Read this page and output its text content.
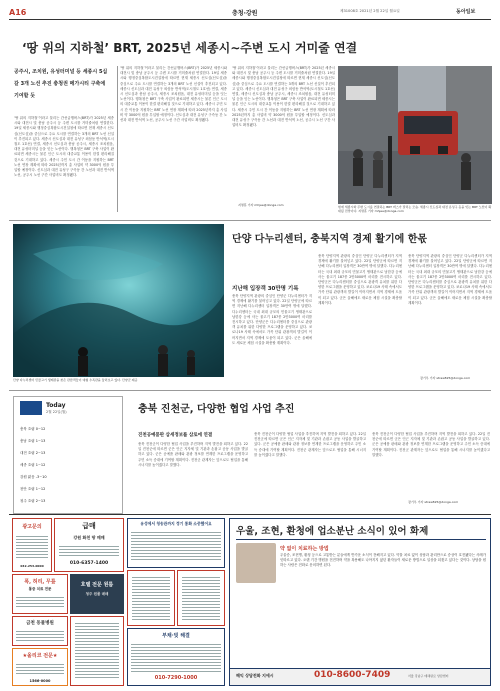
A16	충청·강원	제31008호 2021년 2월 22일 월요일	동아일보
‘땅 위의 지하철’ BRT, 2025년 세종시∼주변 도시 거미줄 연결
공주시, 조치원, 유성터미널 등 세종시 5십갈 3개 노선 추진 충청권 메가시티 구축에 기여할 듯
‘땅 위의 지하철’이라고 불리는 간선급행버스(BRT)가 2025년 세종시와 대전시 및 충남 공주시 등 주변 도시를 거미줄처럼 연결한다. 19일 세종시와 행정중심복합도시건설청에 따르면 현재 세종시 신도심(신도심)을 중심으로 주요 도시를 연결하는 3개의 BRT 노선 신설이 추진되고 있다. 세종시 신도심과 대전 유성구 외삼동 반석역(도시철도 1호선) 연결, 세종시 신도심과 충남 공주시, 세종시 조치원읍, 대전 유성터미널 등을 잇는 노선이다. 행복청은 BRT 구축 사업이 완료되면 세종시는 물론 인근 도시의 대중교통 이용이 한결 편리해질 것으로 기대하고 있다. 세종시 주민 도시 간 이동을 지원하는 BRT 노선 연장 계획에 따라 2025년까지 총 사업비 약 3000억 원을 투입할 예정이다. 신도심과 대전 유성구 구즉동 간 노선과 대전 반석역 노선, 공주시 노선 구간 사업비도 확정됐다.
‘땅 위의 지하철’이라고 불리는 간선급행버스(BRT)가 2025년 세종시와 대전시 및 충남 공주시 등 주변 도시를 거미줄처럼 연결한다. 19일 세종시와 행정중심복합도시건설청에 따르면 현재 세종시 신도심(신도심)을 중심으로 주요 도시를 연결하는 3개의 BRT 노선 신설이 추진되고 있다. 세종시 신도심과 대전 유성구 외삼동 반석역(도시철도 1호선) 연결, 세종시 신도심과 충남 공주시, 세종시 조치원읍, 대전 유성터미널 등을 잇는 노선이다. 행복청은 BRT 구축 사업이 완료되면 세종시는 물론 인근 도시의 대중교통 이용이 한결 편리해질 것으로 기대하고 있다. 세종시 주민 도시 간 이동을 지원하는 BRT 노선 연장 계획에 따라 2025년까지 총 사업비 약 3000억 원을 투입할 예정이다. 신도심과 대전 유성구 구즉동 간 노선과 대전 반석역 노선, 공주시 노선 구간 사업비도 확정됐다.
‘땅 위의 지하철’이라고 불리는 간선급행버스(BRT)가 2025년 세종시와 대전시 및 충남 공주시 등 주변 도시를 거미줄처럼 연결한다. 19일 세종시와 행정중심복합도시건설청에 따르면 현재 세종시 신도심(신도심)을 중심으로 주요 도시를 연결하는 3개의 BRT 노선 신설이 추진되고 있다. 세종시 신도심과 대전 유성구 외삼동 반석역(도시철도 1호선) 연결, 세종시 신도심과 충남 공주시, 세종시 조치원읍, 대전 유성터미널 등을 잇는 노선이다. 행복청은 BRT 구축 사업이 완료되면 세종시는 물론 인근 도시의 대중교통 이용이 한결 편리해질 것으로 기대하고 있다. 세종시 주민 도시 간 이동을 지원하는 BRT 노선 연장 계획에 따라 2025년까지 총 사업비 약 3000억 원을 투입할 예정이다. 신도심과 대전 유성구 구즉동 간 노선과 대전 반석역 노선, 공주시 노선 구간 사업비도 확정됐다.
지명훈 기자 mhjee@donga.com	현재 세종시와 주변 도시를 연결하는 BRT 버스가 달리는 모습. 세종시 신도심과 대전 유성구 등을 잇는 BRT 노선이 확대될 전망이다. 지명훈 기자 mhjee@donga.com
단양 다누리센터, 충북지역 경제 활기에 한몫
지난해 입장객 30만명 기록
충북 단양지역 관광의 중심인 단양군 다누리센터가 지역 경제에 활기를 불어넣고 있다. 22일 단양군에 따르면 지난해 다누리센터 입장객은 30만여 명에 달했다. 다누리센터는 국내 최대 규모의 민물고기 생태관으로 남한강 등에 사는 물고기 187종 2만3000여 마리를 전시하고 있다. 단양군은 다누리센터를 중심으로 관광객 유치를 위한 다양한 프로그램을 운영하고 있다. 코로나19 사태 속에서도 가족 단위 관광객의 발길이 이어지면서 지역 경제에 도움이 되고 있다. 군은 올해에도 새로운 체험 시설을 확충할 계획이다.
충북 단양지역 관광의 중심인 단양군 다누리센터가 지역 경제에 활기를 불어넣고 있다. 22일 단양군에 따르면 지난해 다누리센터 입장객은 30만여 명에 달했다. 다누리센터는 국내 최대 규모의 민물고기 생태관으로 남한강 등에 사는 물고기 187종 2만3000여 마리를 전시하고 있다. 단양군은 다누리센터를 중심으로 관광객 유치를 위한 다양한 프로그램을 운영하고 있다. 코로나19 사태 속에서도 가족 단위 관광객의 발길이 이어지면서 지역 경제에 도움이 되고 있다. 군은 올해에도 새로운 체험 시설을 확충할 계획이다.
충북 단양지역 관광의 중심인 단양군 다누리센터가 지역 경제에 활기를 불어넣고 있다. 22일 단양군에 따르면 지난해 다누리센터 입장객은 30만여 명에 달했다. 다누리센터는 국내 최대 규모의 민물고기 생태관으로 남한강 등에 사는 물고기 187종 2만3000여 마리를 전시하고 있다. 단양군은 다누리센터를 중심으로 관광객 유치를 위한 다양한 프로그램을 운영하고 있다. 코로나19 사태 속에서도 가족 단위 관광객의 발길이 이어지면서 지역 경제에 도움이 되고 있다. 군은 올해에도 새로운 체험 시설을 확충할 계획이다.
장기우 기자 straw825@donga.com
단양 다누리센터 민물고기 생태관을 찾은 관람객들이 대형 수족관을 둘러보고 있다. 단양군 제공
Today
2월 22일(월)
충북 흐림 0~12
충남 흐림 1~13
대전 흐림 2~13
세종 흐림 1~12
강원 맑음 -3~10
천안 흐림 1~12
청주 흐림 2~13
충북 진천군, 다양한 협업 사업 추진
진천공예품판 삼세정보를 삼로에 연결
충북 진천군이 다양한 협업 사업을 추진하며 지역 발전을 꾀하고 있다. 22일 진천군에 따르면 군은 인근 지자체 및 기관과 손잡고 공동 사업을 발굴하고 있다. 군은 공예품 판매와 관광 정보를 연계한 프로그램을 운영하고 주민 소득 증대에 기여할 계획이다. 진천군 관계자는 앞으로도 협업을 통해 시너지를 높이겠다고 말했다.
충북 진천군이 다양한 협업 사업을 추진하며 지역 발전을 꾀하고 있다. 22일 진천군에 따르면 군은 인근 지자체 및 기관과 손잡고 공동 사업을 발굴하고 있다. 군은 공예품 판매와 관광 정보를 연계한 프로그램을 운영하고 주민 소득 증대에 기여할 계획이다. 진천군 관계자는 앞으로도 협업을 통해 시너지를 높이겠다고 말했다.
충북 진천군이 다양한 협업 사업을 추진하며 지역 발전을 꾀하고 있다. 22일 진천군에 따르면 군은 인근 지자체 및 기관과 손잡고 공동 사업을 발굴하고 있다. 군은 공예품 판매와 관광 정보를 연계한 프로그램을 운영하고 주민 소득 증대에 기여할 계획이다. 진천군 관계자는 앞으로도 협업을 통해 시너지를 높이겠다고 말했다.
장기우 기자 straw825@donga.com
광고문의
042-253-0000
급매
강원 화천 땅 매매
010-6357-1400
폭, 허리, 무릎
통증 치료 전문
호텔 전문 원룸
청주 원룸 매매
금천 동물병원
★올리코 전문★
1566-0000
유성에서 청송관까지 정기 통화 소중했어요
부채·빚 해결
010-7290-1000
우울, 조현, 환청에 업소분난 소식이 있어 화제
약 없이 치료하는 방법
우울증, 조현병, 환청 등으로 고통받는 분들에게 반가운 소식이 전해지고 있다. 약물 치료 없이 상담과 관리만으로 증상이 호전됐다는 사례가 잇따르고 있다. 오랜 기간 병원을 전전하며 약을 복용해도 나아지지 않던 환자들이 새로운 방법으로 일상을 되찾고 있다는 것이다. 상담을 원하는 사람은 전화로 문의하면 된다.
혜익 상담전화 지에시	010-8600-7409	서울 강남구 테헤란로 상담센터
